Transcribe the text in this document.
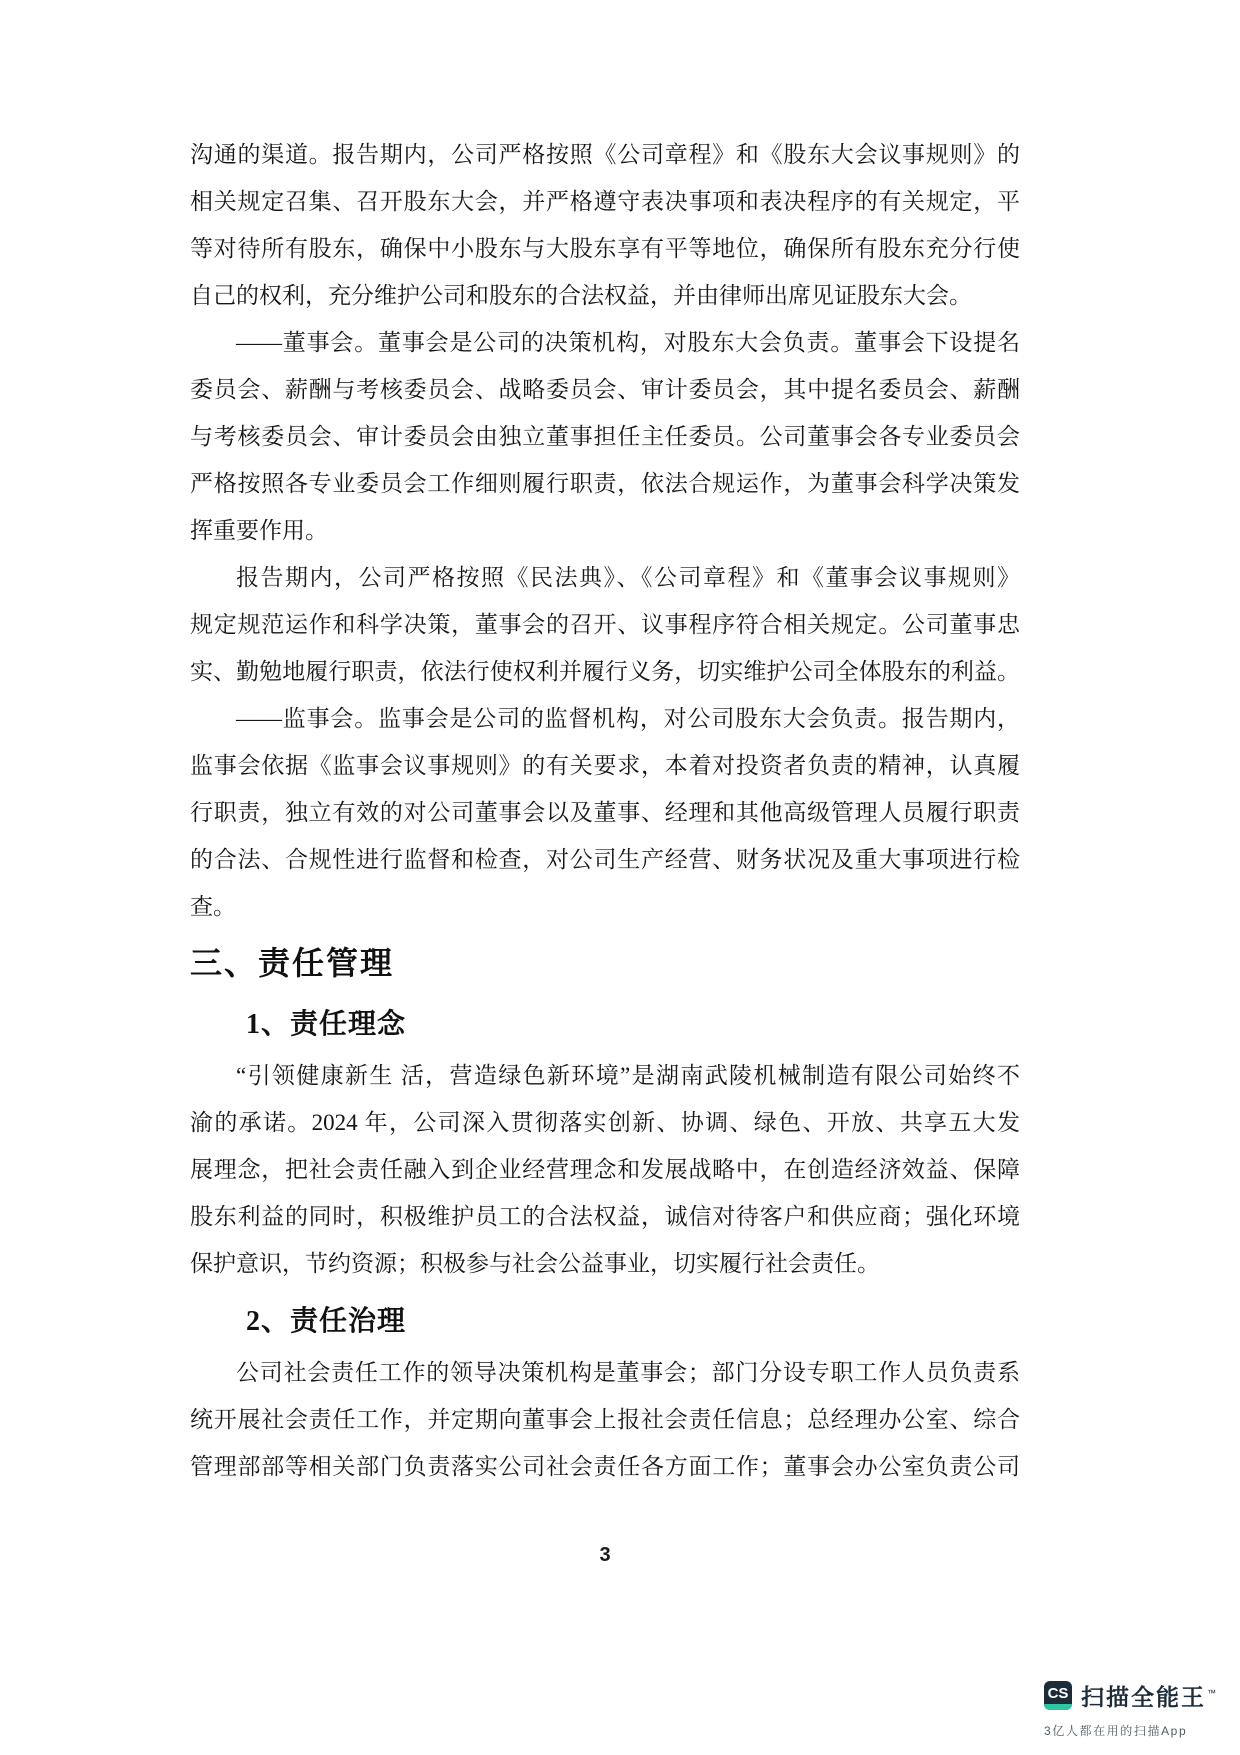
沟通的渠道。报告期内，公司严格按照《公司章程》和《股东大会议事规则》的
相关规定召集、召开股东大会，并严格遵守表决事项和表决程序的有关规定，平
等对待所有股东，确保中小股东与大股东享有平等地位，确保所有股东充分行使
自己的权利，充分维护公司和股东的合法权益，并由律师出席见证股东大会。
——董事会。董事会是公司的决策机构，对股东大会负责。董事会下设提名
委员会、薪酬与考核委员会、战略委员会、审计委员会，其中提名委员会、薪酬
与考核委员会、审计委员会由独立董事担任主任委员。公司董事会各专业委员会
严格按照各专业委员会工作细则履行职责，依法合规运作，为董事会科学决策发
挥重要作用。
报告期内，公司严格按照《民法典》、《公司章程》和《董事会议事规则》
规定规范运作和科学决策，董事会的召开、议事程序符合相关规定。公司董事忠
实、勤勉地履行职责，依法行使权利并履行义务，切实维护公司全体股东的利益。
——监事会。监事会是公司的监督机构，对公司股东大会负责。报告期内，
监事会依据《监事会议事规则》的有关要求，本着对投资者负责的精神，认真履
行职责，独立有效的对公司董事会以及董事、经理和其他高级管理人员履行职责
的合法、合规性进行监督和检查，对公司生产经营、财务状况及重大事项进行检
查。
三、责任管理
1、责任理念
“引领健康新生 活，营造绿色新环境”是湖南武陵机械制造有限公司始终不
渝的承诺。2024 年，公司深入贯彻落实创新、协调、绿色、开放、共享五大发
展理念，把社会责任融入到企业经营理念和发展战略中，在创造经济效益、保障
股东利益的同时，积极维护员工的合法权益，诚信对待客户和供应商；强化环境
保护意识，节约资源；积极参与社会公益事业，切实履行社会责任。
2、责任治理
公司社会责任工作的领导决策机构是董事会；部门分设专职工作人员负责系
统开展社会责任工作，并定期向董事会上报社会责任信息；总经理办公室、综合
管理部部等相关部门负责落实公司社会责任各方面工作；董事会办公室负责公司
3
CS 扫描全能王™
3亿人都在用的扫描App
